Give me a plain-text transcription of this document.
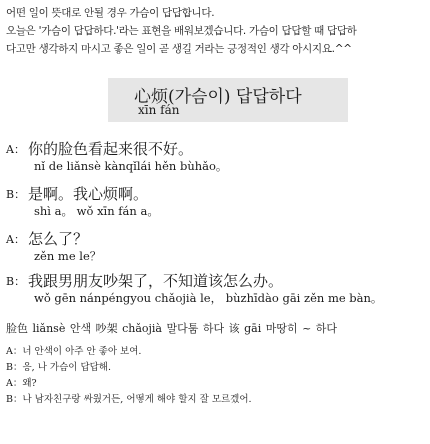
어떤 일이 뜻대로 안될 경우 가슴이 답답합니다.
오늘은 '가슴이 답답하다.'라는 표현을 배워보겠습니다. 가슴이 답답할 때 답답하
다고만 생각하지 마시고 좋은 일이 곧 생길 거라는 긍정적인 생각 아시지요.^^
心烦(가슴이) 답답하다
xīn fán
A： 你的脸色看起来很不好。
nǐ de liǎnsè kànqǐlái hěn bùhǎo。
B： 是啊。我心烦啊。
shì a。 wǒ xīn fán a。
A： 怎么了？
zěn me le？
B： 我跟男朋友吵架了，不知道该怎么办。
wǒ gēn nánpéngyou chǎojià le， bùzhīdào gāi zěn me bàn。
脸色 liǎnsè 안색 吵架 chǎojià 말다툼 하다 该 gāi 마땅히 ~ 하다
A：너 안색이 아주 안 좋아 보여.
B：응, 나 가슴이 답답해.
A：왜?
B：나 남자친구랑 싸웠거든, 어떻게 해야 할지 잘 모르겠어.
